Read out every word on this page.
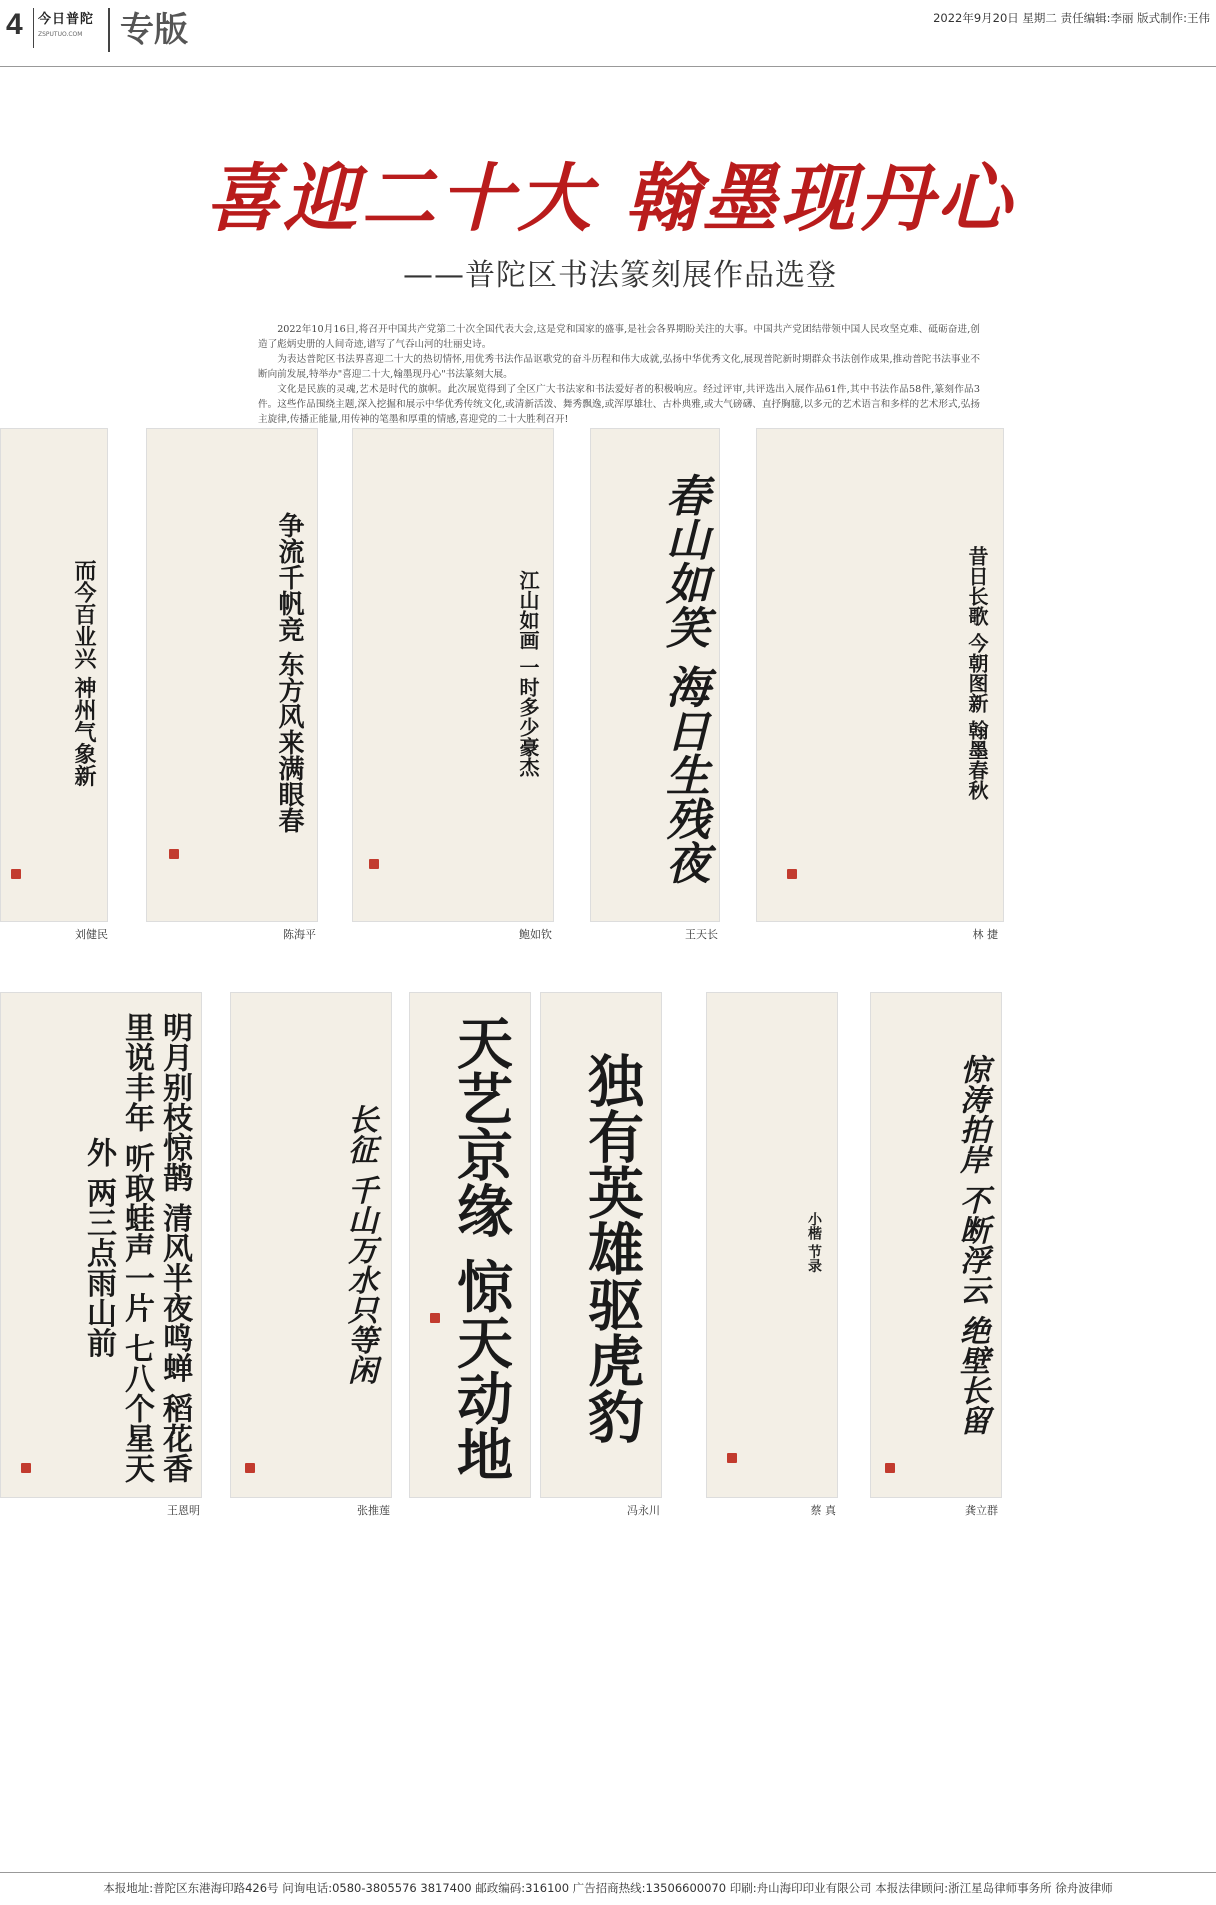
4 今日普陀
ZSPUTUO.COM	专版	2022年9月20日 星期二 责任编辑:李丽 版式制作:王伟
喜迎二十大 翰墨现丹心
——普陀区书法篆刻展作品选登

2022年10月16日,将召开中国共产党第二十次全国代表大会,这是党和国家的盛事,是社会各界期盼关注的大事。中国共产党团结带领中国人民攻坚克难、砥砺奋进,创造了彪炳史册的人间奇迹,谱写了气吞山河的壮丽史诗。

为表达普陀区书法界喜迎二十大的热切情怀,用优秀书法作品讴歌党的奋斗历程和伟大成就,弘扬中华优秀文化,展现普陀新时期群众书法创作成果,推动普陀书法事业不断向前发展,特举办"喜迎二十大,翰墨现丹心"书法篆刻大展。

文化是民族的灵魂,艺术是时代的旗帜。此次展览得到了全区广大书法家和书法爱好者的积极响应。经过评审,共评选出入展作品61件,其中书法作品58件,篆刻作品3件。这些作品围绕主题,深入挖掘和展示中华优秀传统文化,或清新活泼、舞秀飘逸,或浑厚雄壮、古朴典雅,或大气磅礴、直抒胸臆,以多元的艺术语言和多样的艺术形式,弘扬主旋律,传播正能量,用传神的笔墨和厚重的情感,喜迎党的二十大胜利召开!

而今百业兴 神州气象新
刘健民
争流千帆竞 东方风来满眼春
陈海平
江山如画 一时多少豪杰
鲍如钦
春山如笑 海日生残夜
王天长
昔日长歌 今朝图新 翰墨春秋
林 捷
明月别枝惊鹊 清风半夜鸣蝉 稻花香里说丰年 听取蛙声一片 七八个星天外 两三点雨山前
王恩明
长征 千山万水只等闲
张推莲
天艺京缘 惊天动地 独有英雄驱虎豹
冯永川
小楷 节录
蔡 真
惊涛拍岸 不断浮云 绝壁长留
龚立群
本报地址:普陀区东港海印路426号 问询电话:0580-3805576 3817400 邮政编码:316100 广告招商热线:13506600070 印刷:舟山海印印业有限公司 本报法律顾问:浙江星岛律师事务所 徐舟波律师
